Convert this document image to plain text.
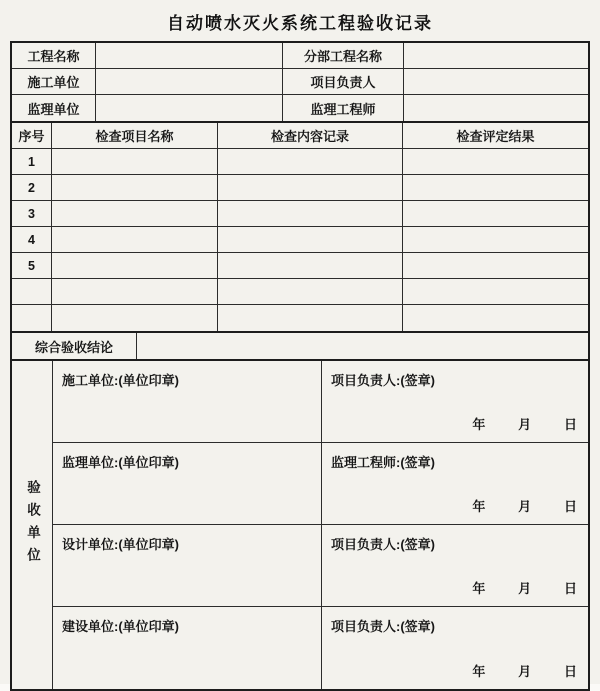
自动喷水灭火系统工程验收记录
工程名称	分部工程名称
施工单位	项目负责人
监理单位	监理工程师
序号	检查项目名称	检查内容记录	检查评定结果
1
2
3
4
5
综合验收结论
验收单位
施工单位:(单位印章)	项目负责人:(签章)
年   月   日
监理单位:(单位印章)	监理工程师:(签章)
年   月   日
设计单位:(单位印章)	项目负责人:(签章)
年   月   日
建设单位:(单位印章)	项目负责人:(签章)
年   月   日
